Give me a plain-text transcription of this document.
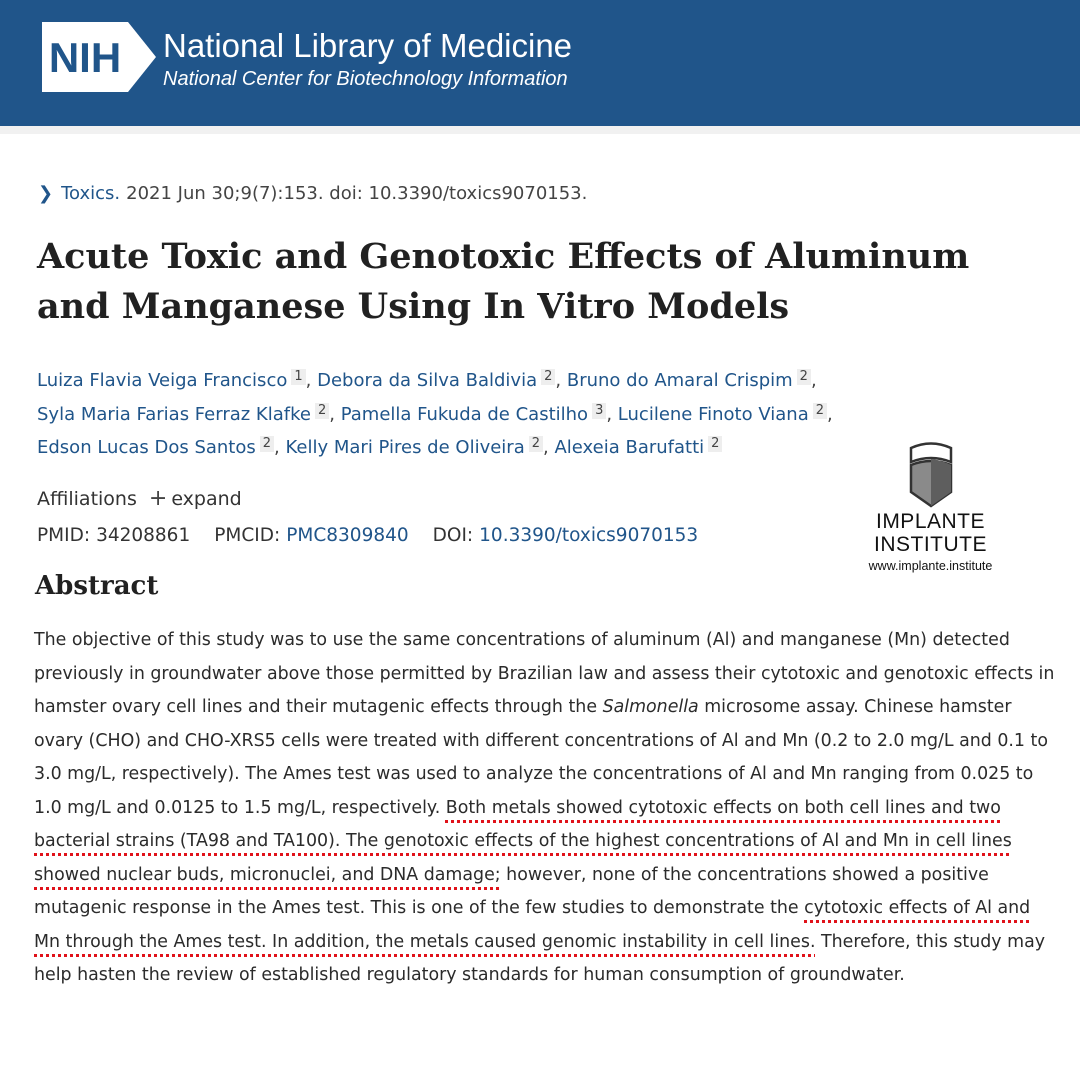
NIH National Library of Medicine
National Center for Biotechnology Information
❯ Toxics. 2021 Jun 30;9(7):153. doi: 10.3390/toxics9070153.
Acute Toxic and Genotoxic Effects of Aluminum and Manganese Using In Vitro Models
Luiza Flavia Veiga Francisco 1 , Debora da Silva Baldivia 2 , Bruno do Amaral Crispim 2 ,
Syla Maria Farias Ferraz Klafke 2 , Pamella Fukuda de Castilho 3 , Lucilene Finoto Viana 2 ,
Edson Lucas Dos Santos 2 , Kelly Mari Pires de Oliveira 2 , Alexeia Barufatti 2
Affiliations + expand
PMID: 34208861 PMCID: PMC8309840 DOI: 10.3390/toxics9070153
IMPLANTE
INSTITUTE
www.implante.institute
Abstract

The objective of this study was to use the same concentrations of aluminum (Al) and manganese (Mn) detected previously in groundwater above those permitted by Brazilian law and assess their cytotoxic and genotoxic effects in hamster ovary cell lines and their mutagenic effects through the Salmonella microsome assay. Chinese hamster ovary (CHO) and CHO-XRS5 cells were treated with different concentrations of Al and Mn (0.2 to 2.0 mg/L and 0.1 to 3.0 mg/L, respectively). The Ames test was used to analyze the concentrations of Al and Mn ranging from 0.025 to 1.0 mg/L and 0.0125 to 1.5 mg/L, respectively. Both metals showed cytotoxic effects on both cell lines and two bacterial strains (TA98 and TA100). The genotoxic effects of the highest concentrations of Al and Mn in cell lines showed nuclear buds, micronuclei, and DNA damage; however, none of the concentrations showed a positive mutagenic response in the Ames test. This is one of the few studies to demonstrate the cytotoxic effects of Al and Mn through the Ames test. In addition, the metals caused genomic instability in cell lines. Therefore, this study may help hasten the review of established regulatory standards for human consumption of groundwater.
